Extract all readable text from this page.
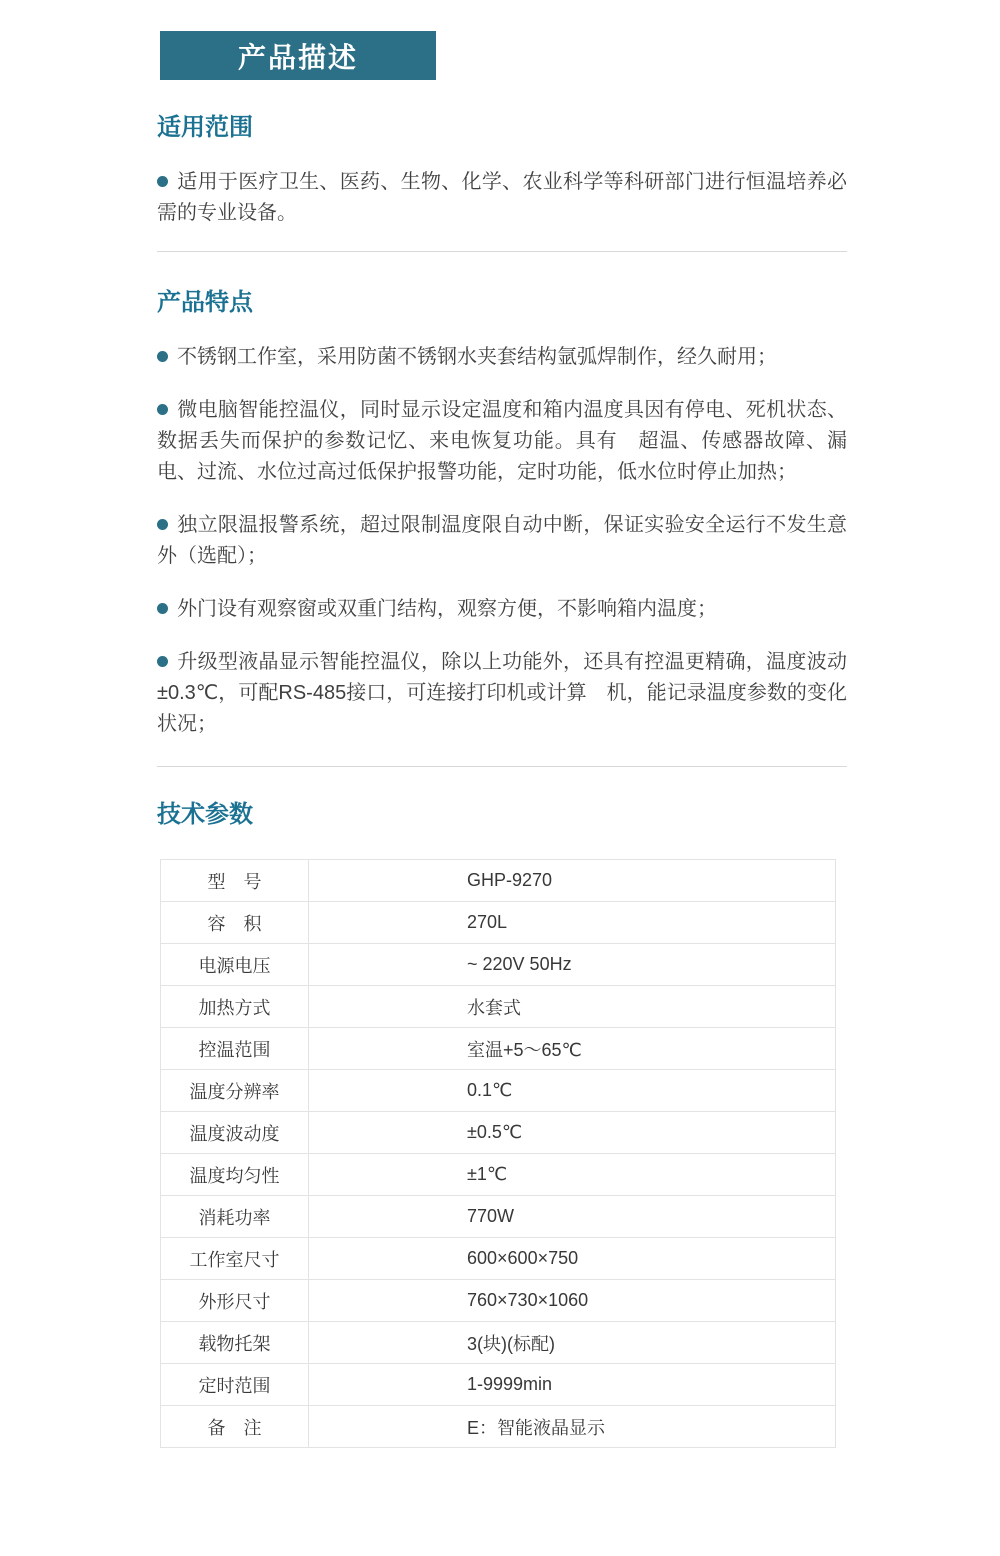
产品描述
适用范围

适用于医疗卫生、医药、生物、化学、农业科学等科研部门进行恒温培养必需的专业设备。

产品特点

不锈钢工作室，采用防菌不锈钢水夹套结构氩弧焊制作，经久耐用；

微电脑智能控温仪，同时显示设定温度和箱内温度具因有停电、死机状态、数据丢失而保护的参数记忆、来电恢复功能。具有　超温、传感器故障、漏电、过流、水位过高过低保护报警功能，定时功能，低水位时停止加热；

独立限温报警系统，超过限制温度限自动中断，保证实验安全运行不发生意外（选配）；

外门设有观察窗或双重门结构，观察方便，不影响箱内温度；

升级型液晶显示智能控温仪，除以上功能外，还具有控温更精确，温度波动±0.3℃，可配RS-485接口，可连接打印机或计算　机，能记录温度参数的变化状况；

技术参数
型　号	GHP-9270
容　积	270L
电源电压	~ 220V 50Hz
加热方式	水套式
控温范围	室温+5～65℃
温度分辨率	0.1℃
温度波动度	±0.5℃
温度均匀性	±1℃
消耗功率	770W
工作室尺寸	600×600×750
外形尺寸	760×730×1060
载物托架	3(块)(标配)
定时范围	1-9999min
备　注	E：智能液晶显示
